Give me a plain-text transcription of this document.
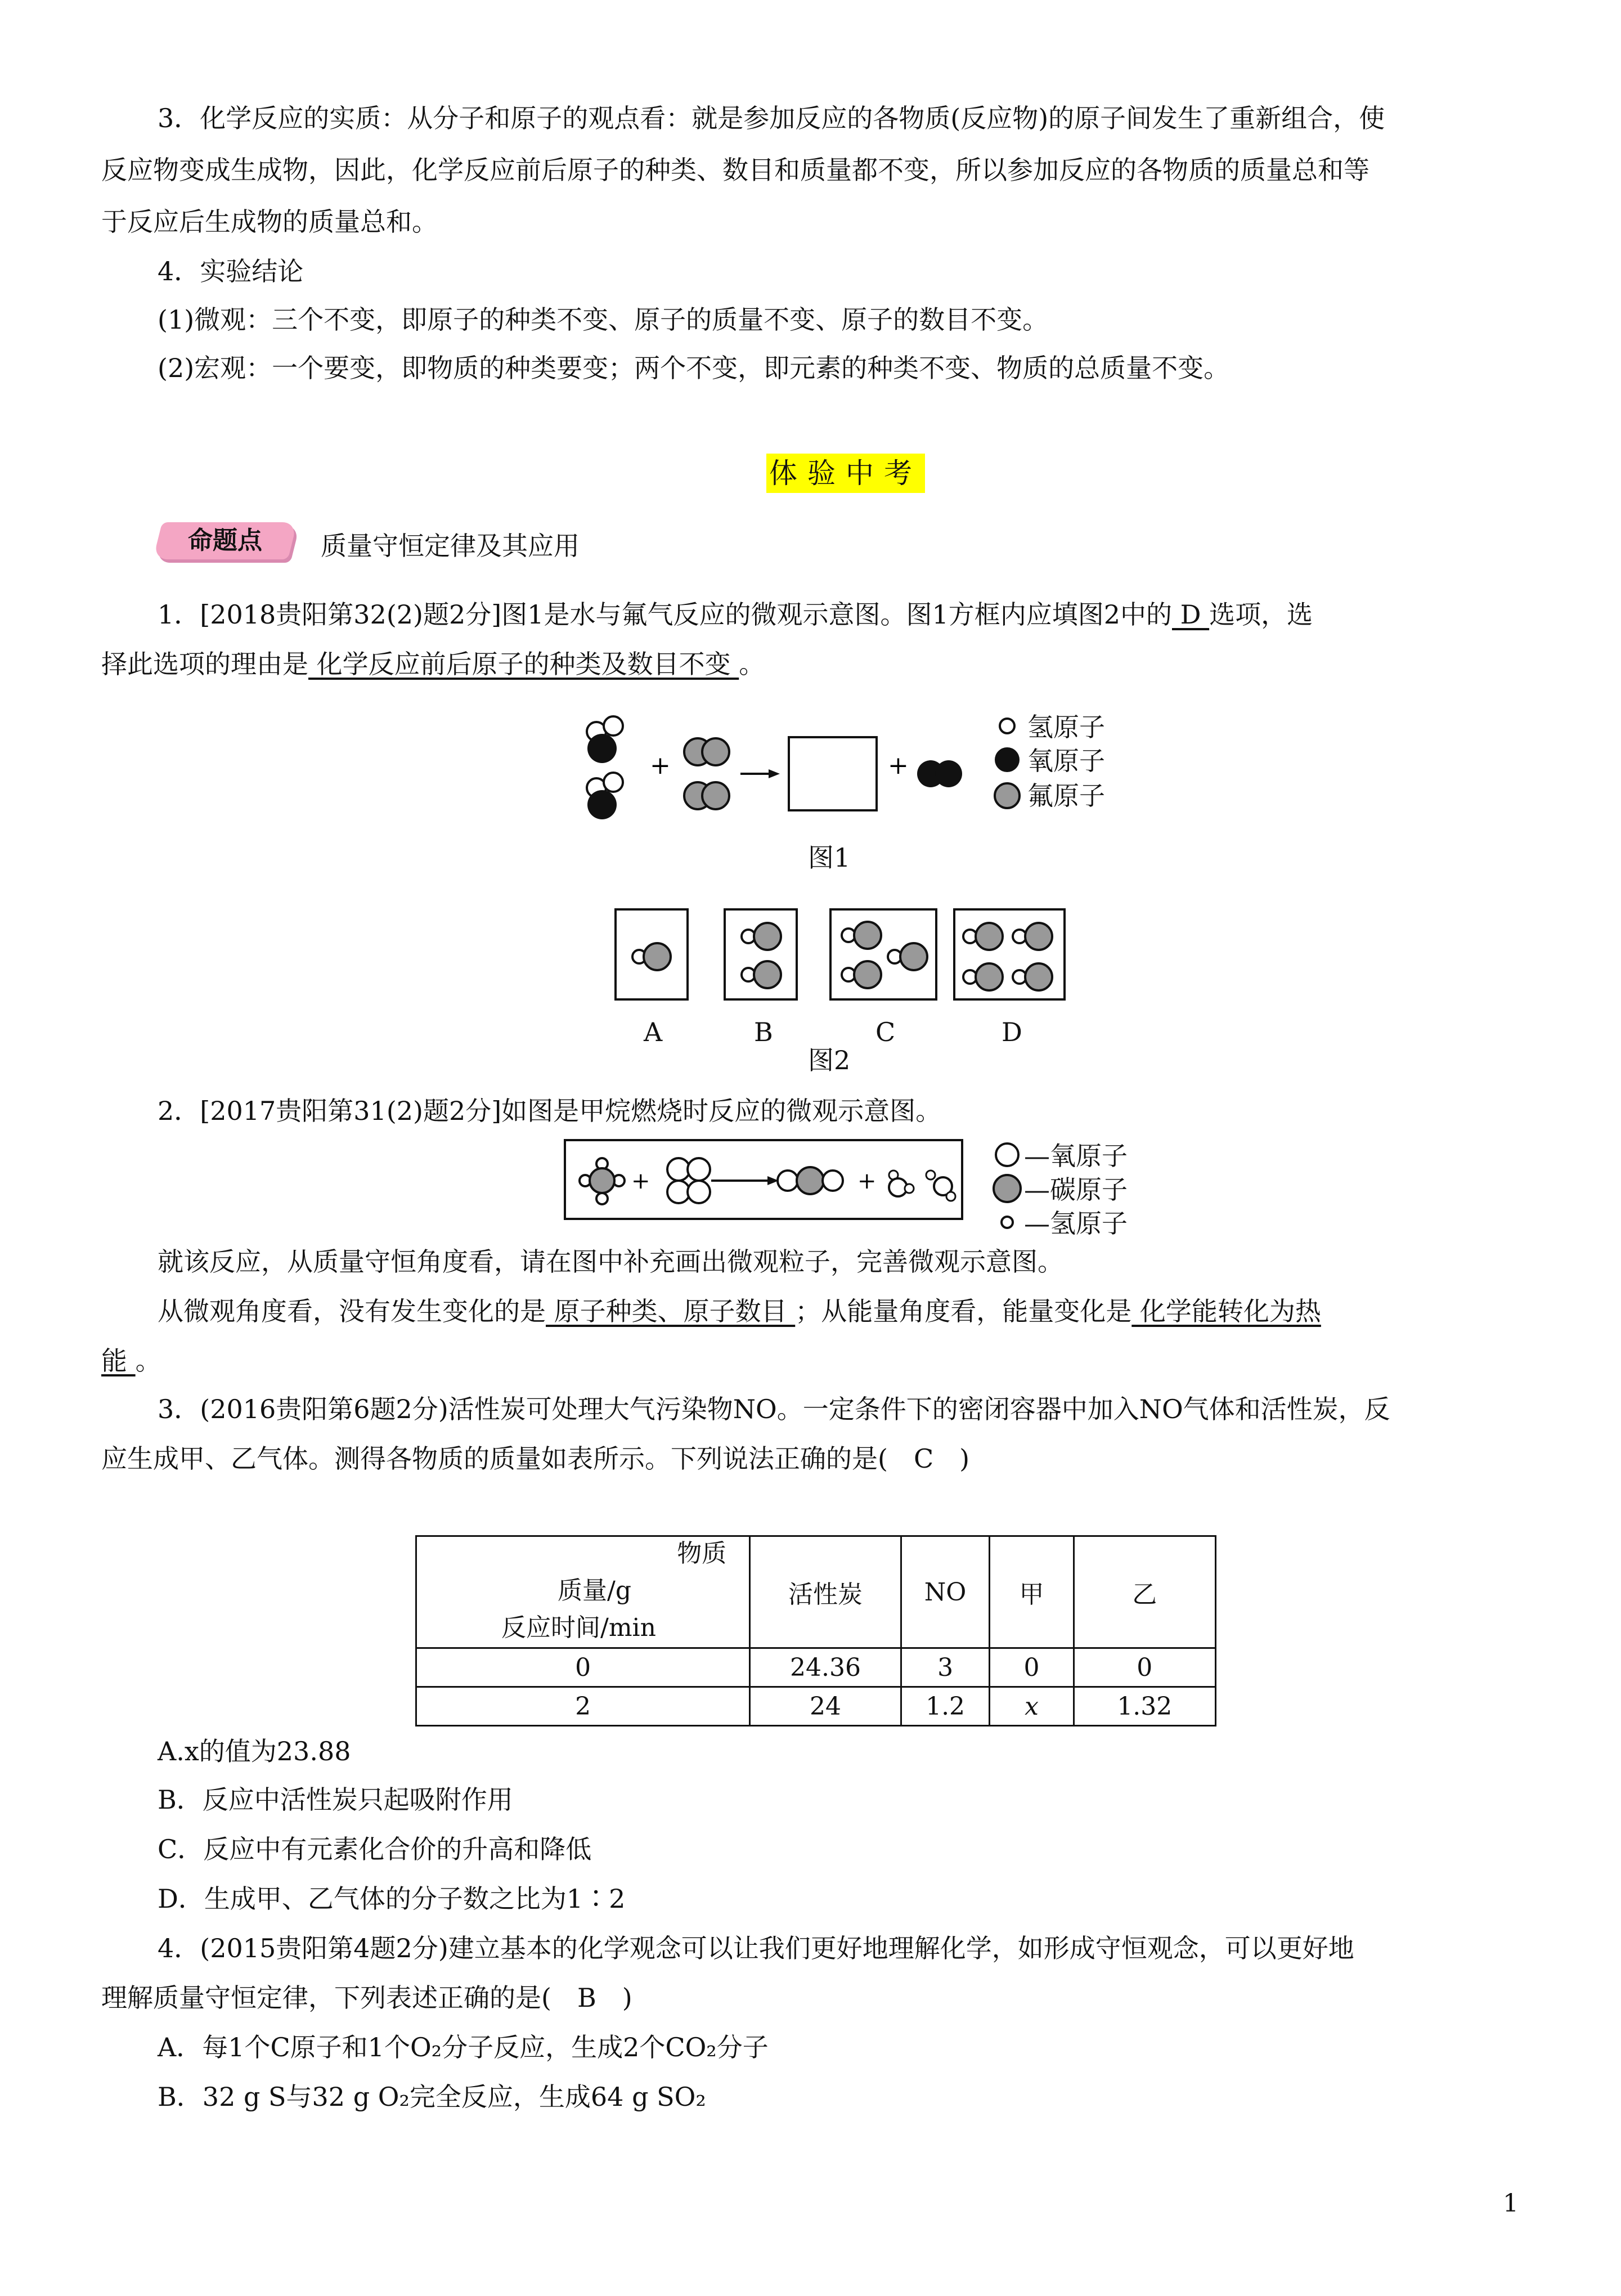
3．化学反应的实质：从分子和原子的观点看：就是参加反应的各物质(反应物)的原子间发生了重新组合，使
反应物变成生成物，因此，化学反应前后原子的种类、数目和质量都不变，所以参加反应的各物质的质量总和等
于反应后生成物的质量总和。
4．实验结论
(1)微观：三个不变，即原子的种类不变、原子的质量不变、原子的数目不变。
(2)宏观：一个要变，即物质的种类要变；两个不变，即元素的种类不变、物质的总质量不变。
体验中考
命题点	质量守恒定律及其应用
1．[2018贵阳第32(2)题2分]图1是水与氟气反应的微观示意图。图1方框内应填图2中的 D 选项，选
择此选项的理由是 化学反应前后原子的种类及数目不变 。
+	+
氢原子
氧原子
氟原子
图1
A	B	C	D
图2
2．[2017贵阳第31(2)题2分]如图是甲烷燃烧时反应的微观示意图。
+	+
—氧原子
—碳原子
—氢原子
就该反应，从质量守恒角度看，请在图中补充画出微观粒子，完善微观示意图。
从微观角度看，没有发生变化的是 原子种类、原子数目 ；从能量角度看，能量变化是 化学能转化为热
能 。
3．(2016贵阳第6题2分)活性炭可处理大气污染物NO。一定条件下的密闭容器中加入NO气体和活性炭，反
应生成甲、乙气体。测得各物质的质量如表所示。下列说法正确的是(　C　)
物质
质量/g
反应时间/min	活性炭	NO	甲	乙
0	24.36	3	0	0
2	24	1.2	x	1.32
A.x的值为23.88
B．反应中活性炭只起吸附作用
C．反应中有元素化合价的升高和降低
D．生成甲、乙气体的分子数之比为1∶2
4．(2015贵阳第4题2分)建立基本的化学观念可以让我们更好地理解化学，如形成守恒观念，可以更好地
理解质量守恒定律，下列表述正确的是(　B　)
A．每1个C原子和1个O₂分子反应，生成2个CO₂分子
B．32 g S与32 g O₂完全反应，生成64 g SO₂
1
